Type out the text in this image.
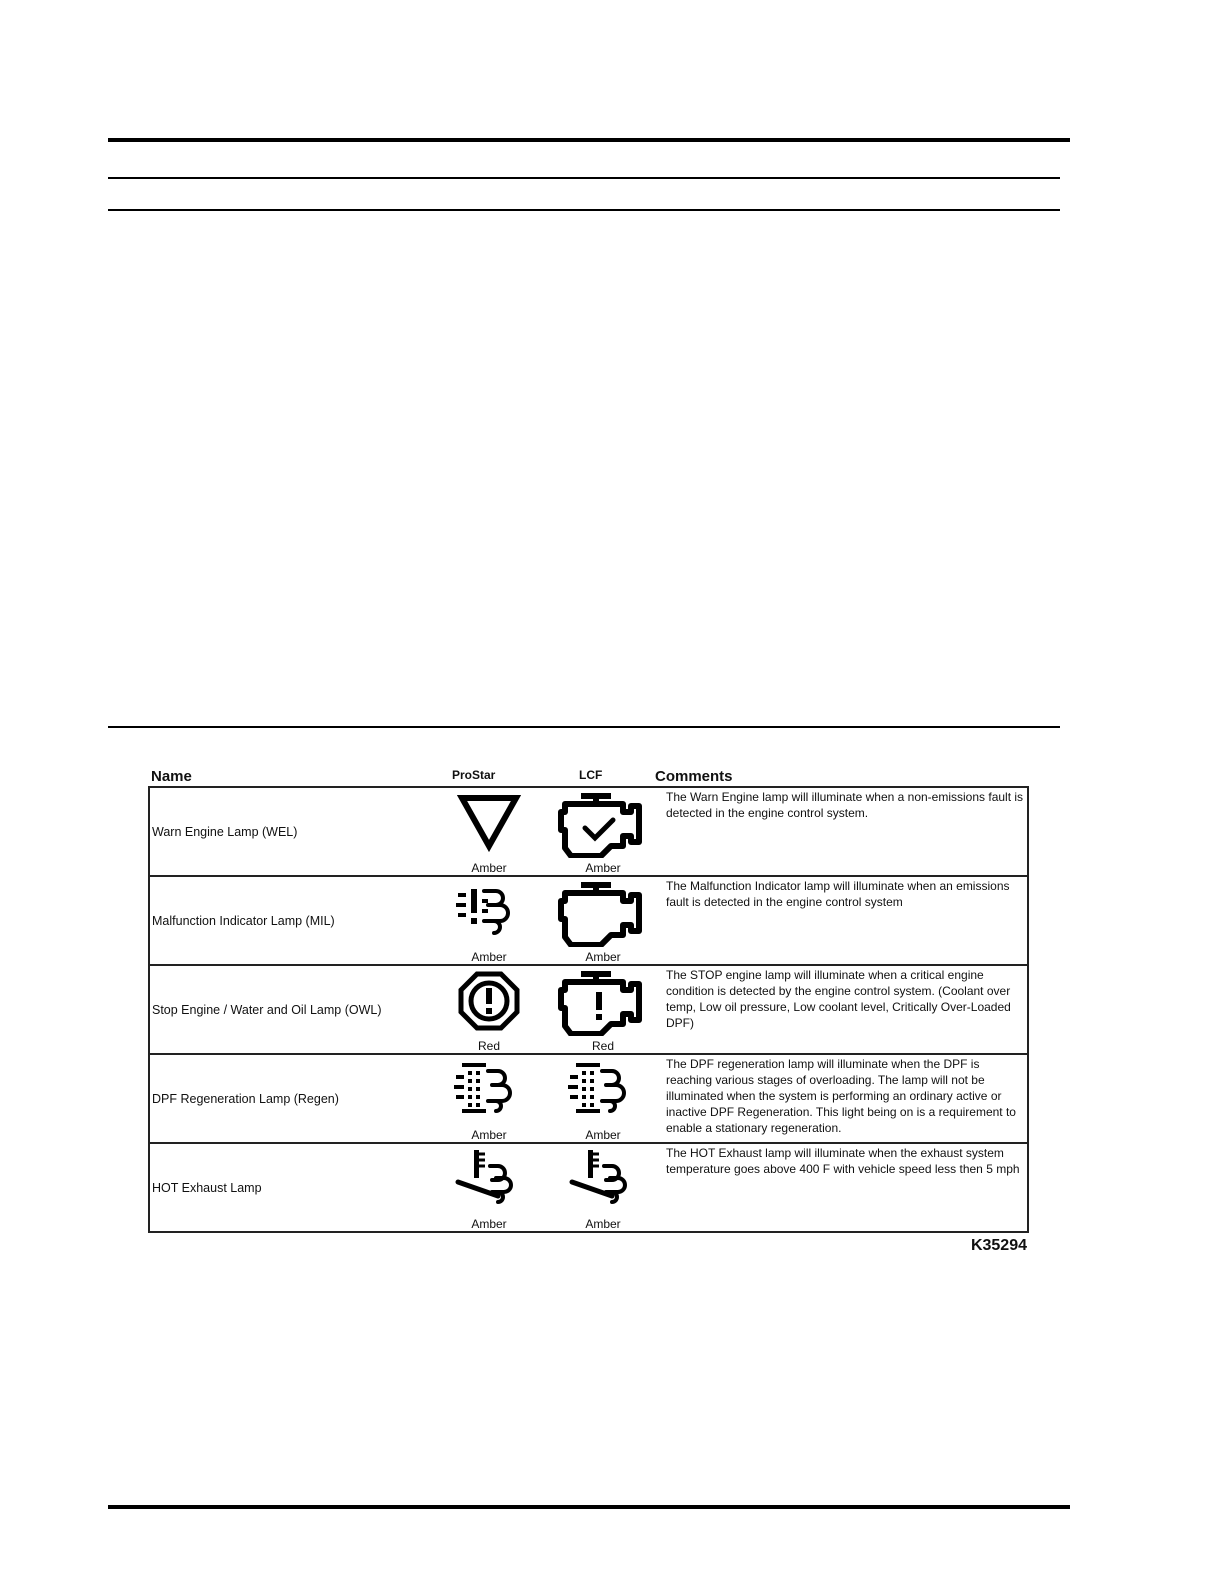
Name	ProStar	LCF	Comments
Warn Engine Lamp (WEL)	Amber	Amber	The Warn Engine lamp will illuminate when a non-emissions fault is detected in the engine control system.
Malfunction Indicator Lamp (MIL)	Amber	Amber	The Malfunction Indicator lamp will illuminate when an emissions fault is detected in the engine control system
Stop Engine / Water and Oil Lamp (OWL)	Red	Red	The STOP engine lamp will illuminate when a critical engine condition is detected by the engine control system. (Coolant over temp, Low oil pressure, Low coolant level, Critically Over-Loaded DPF)
DPF Regeneration Lamp (Regen)	Amber	Amber	The DPF regeneration lamp will illuminate when the DPF is reaching various stages of overloading. The lamp will not be illuminated when the system is performing an ordinary active or inactive DPF Regeneration. This light being on is a requirement to enable a stationary regeneration.
HOT Exhaust Lamp	Amber	Amber	The HOT Exhaust lamp will illuminate when the exhaust system temperature goes above 400 F with vehicle speed less then 5 mph
K35294
